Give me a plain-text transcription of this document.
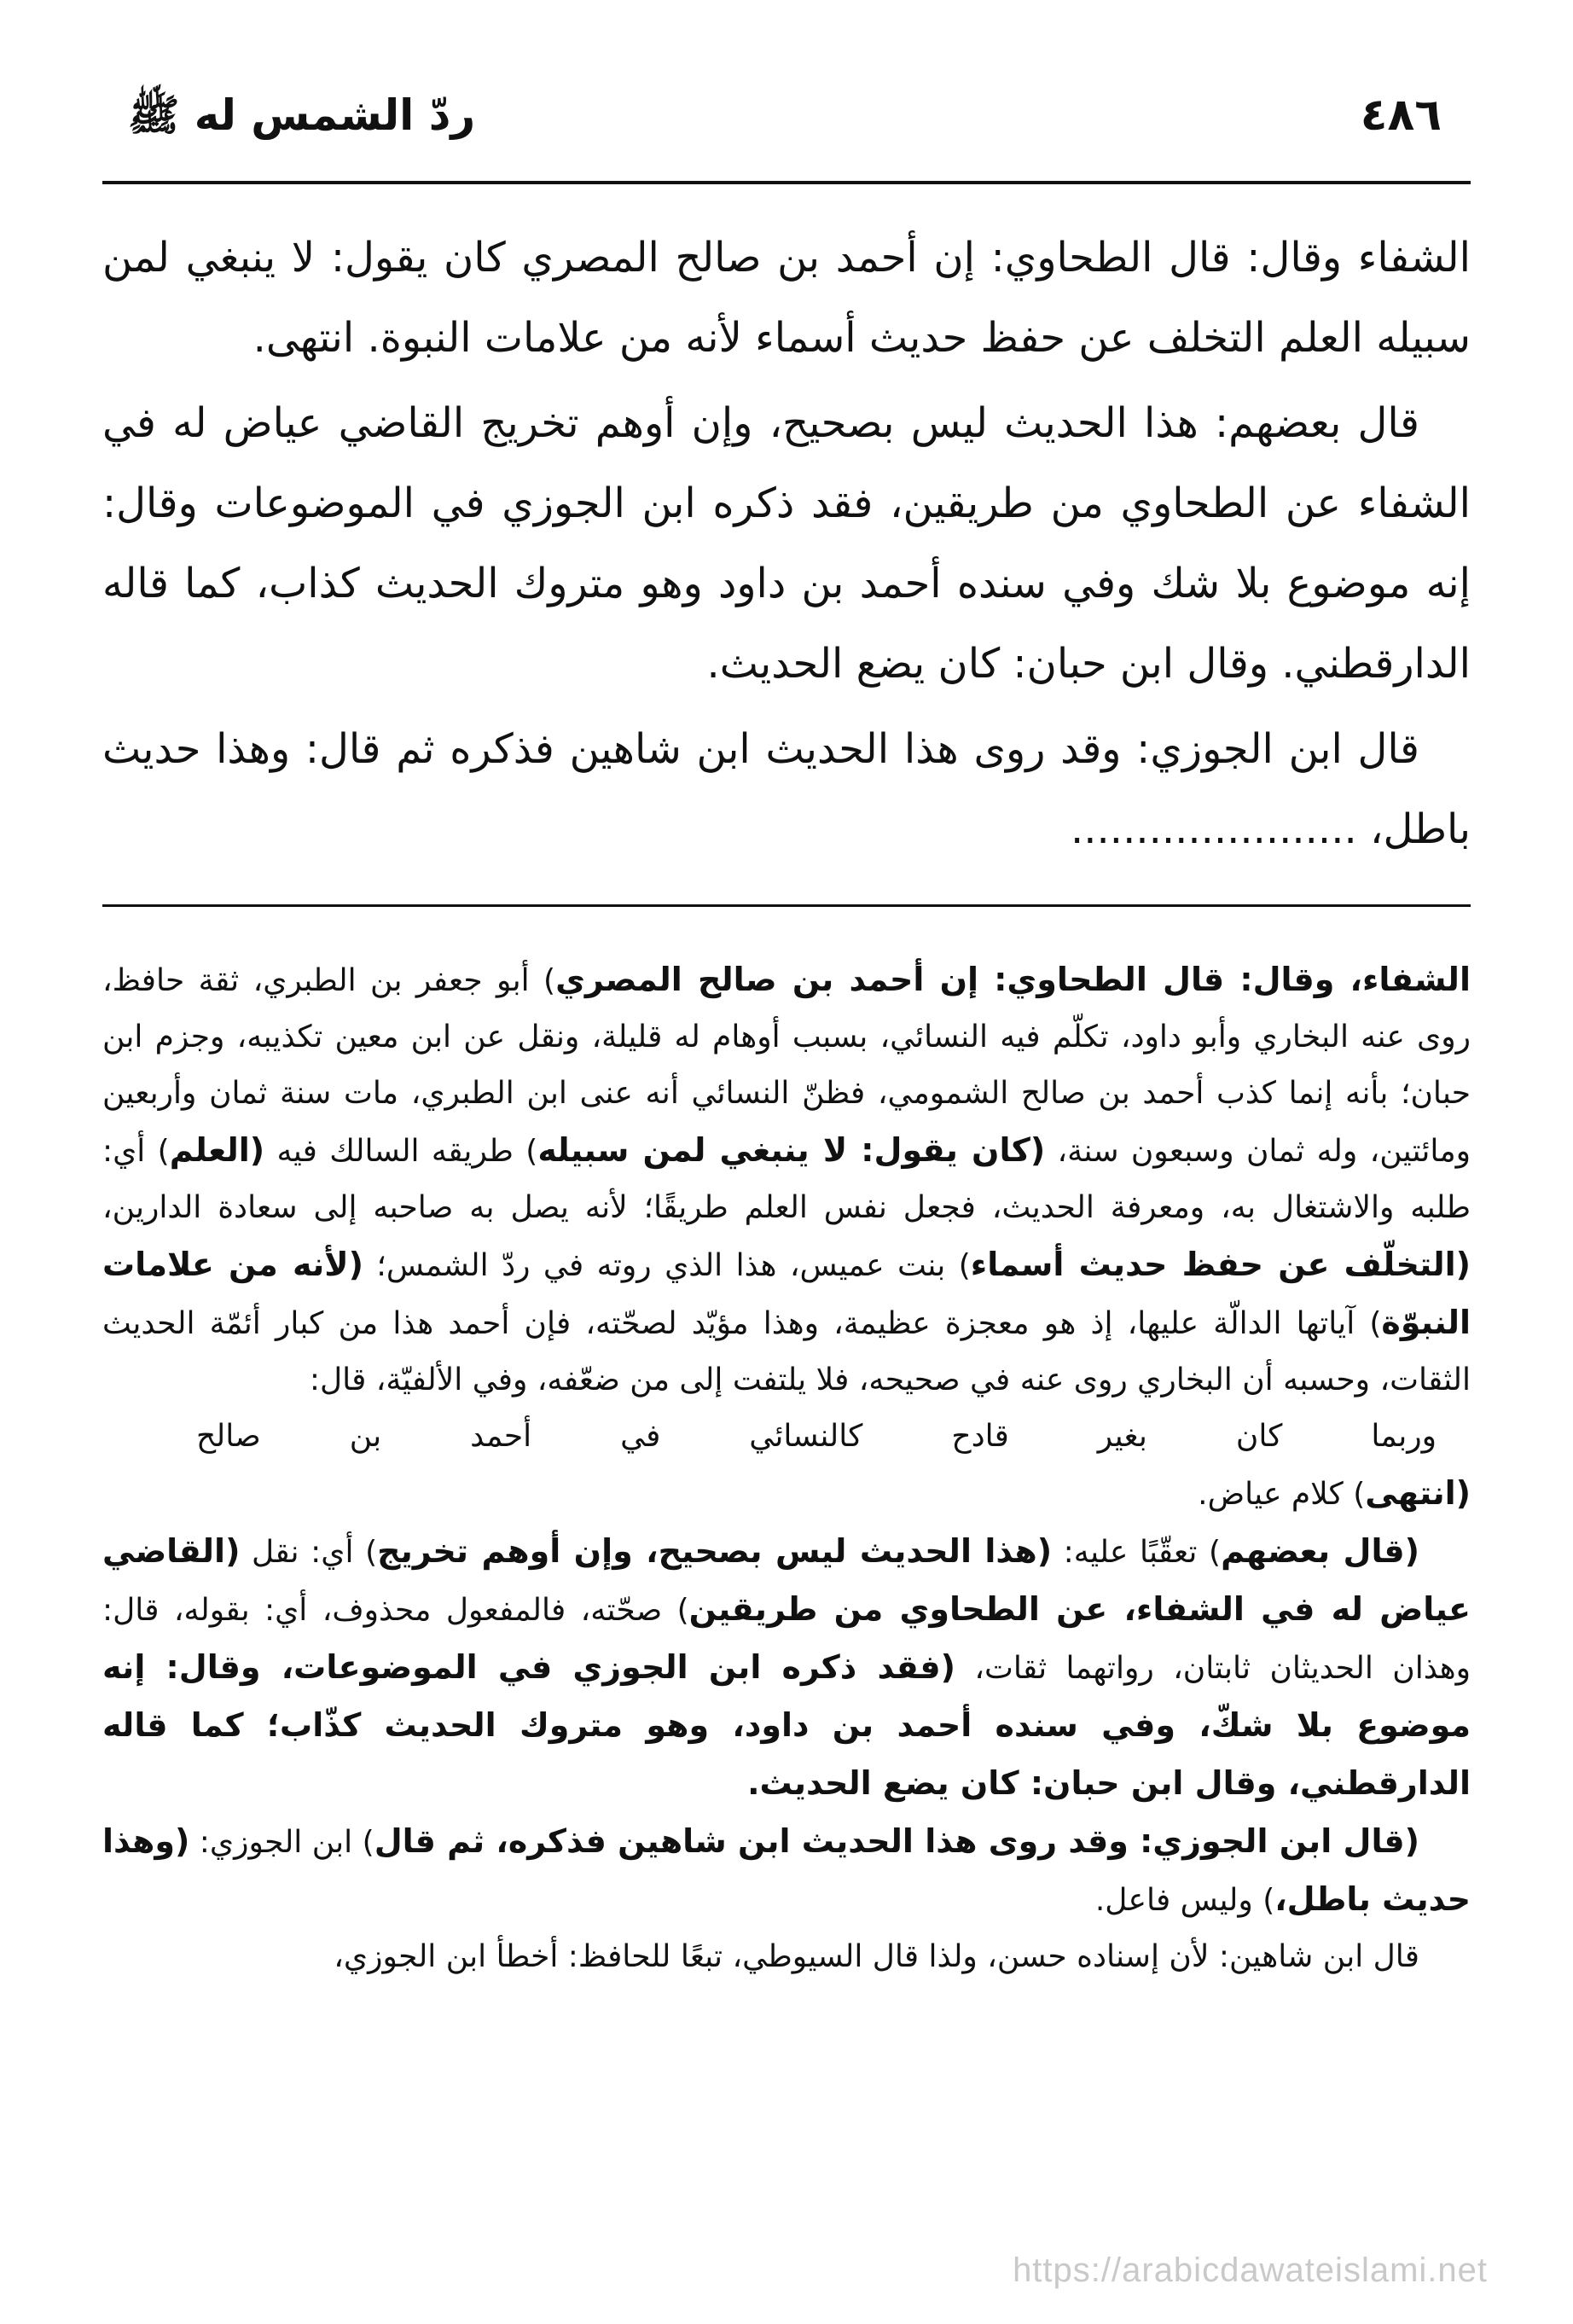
٤٨٦
ردّ الشمس له ﷺ

الشفاء وقال: قال الطحاوي: إن أحمد بن صالح المصري كان يقول: لا ينبغي لمن سبيله العلم التخلف عن حفظ حديث أسماء لأنه من علامات النبوة. انتهى.

قال بعضهم: هذا الحديث ليس بصحيح، وإن أوهم تخريج القاضي عياض له في الشفاء عن الطحاوي من طريقين، فقد ذكره ابن الجوزي في الموضوعات وقال: إنه موضوع بلا شك وفي سنده أحمد بن داود وهو متروك الحديث كذاب، كما قاله الدارقطني. وقال ابن حبان: كان يضع الحديث.

قال ابن الجوزي: وقد روى هذا الحديث ابن شاهين فذكره ثم قال: وهذا حديث باطل، ......................

الشفاء، وقال: قال الطحاوي: إن أحمد بن صالح المصري) أبو جعفر بن الطبري، ثقة حافظ، روى عنه البخاري وأبو داود، تكلّم فيه النسائي، بسبب أوهام له قليلة، ونقل عن ابن معين تكذيبه، وجزم ابن حبان؛ بأنه إنما كذب أحمد بن صالح الشمومي، فظنّ النسائي أنه عنى ابن الطبري، مات سنة ثمان وأربعين ومائتين، وله ثمان وسبعون سنة، (كان يقول: لا ينبغي لمن سبيله) طريقه السالك فيه (العلم) أي: طلبه والاشتغال به، ومعرفة الحديث، فجعل نفس العلم طريقًا؛ لأنه يصل به صاحبه إلى سعادة الدارين، (التخلّف عن حفظ حديث أسماء) بنت عميس، هذا الذي روته في ردّ الشمس؛ (لأنه من علامات النبوّة) آياتها الدالّة عليها، إذ هو معجزة عظيمة، وهذا مؤيّد لصحّته، فإن أحمد هذا من كبار أئمّة الحديث الثقات، وحسبه أن البخاري روى عنه في صحيحه، فلا يلتفت إلى من ضعّفه، وفي الألفيّة، قال:

وربما كان بغير قادح كالنسائي في أحمد بن صالح

(انتهى) كلام عياض.

(قال بعضهم) تعقّبًا عليه: (هذا الحديث ليس بصحيح، وإن أوهم تخريج) أي: نقل (القاضي عياض له في الشفاء، عن الطحاوي من طريقين) صحّته، فالمفعول محذوف، أي: بقوله، قال: وهذان الحديثان ثابتان، رواتهما ثقات، (فقد ذكره ابن الجوزي في الموضوعات، وقال: إنه موضوع بلا شكّ، وفي سنده أحمد بن داود، وهو متروك الحديث كذّاب؛ كما قاله الدارقطني، وقال ابن حبان: كان يضع الحديث.

(قال ابن الجوزي: وقد روى هذا الحديث ابن شاهين فذكره، ثم قال) ابن الجوزي: (وهذا حديث باطل،) وليس فاعل.

قال ابن شاهين: لأن إسناده حسن، ولذا قال السيوطي، تبعًا للحافظ: أخطأ ابن الجوزي،

https://arabicdawateislami.net
